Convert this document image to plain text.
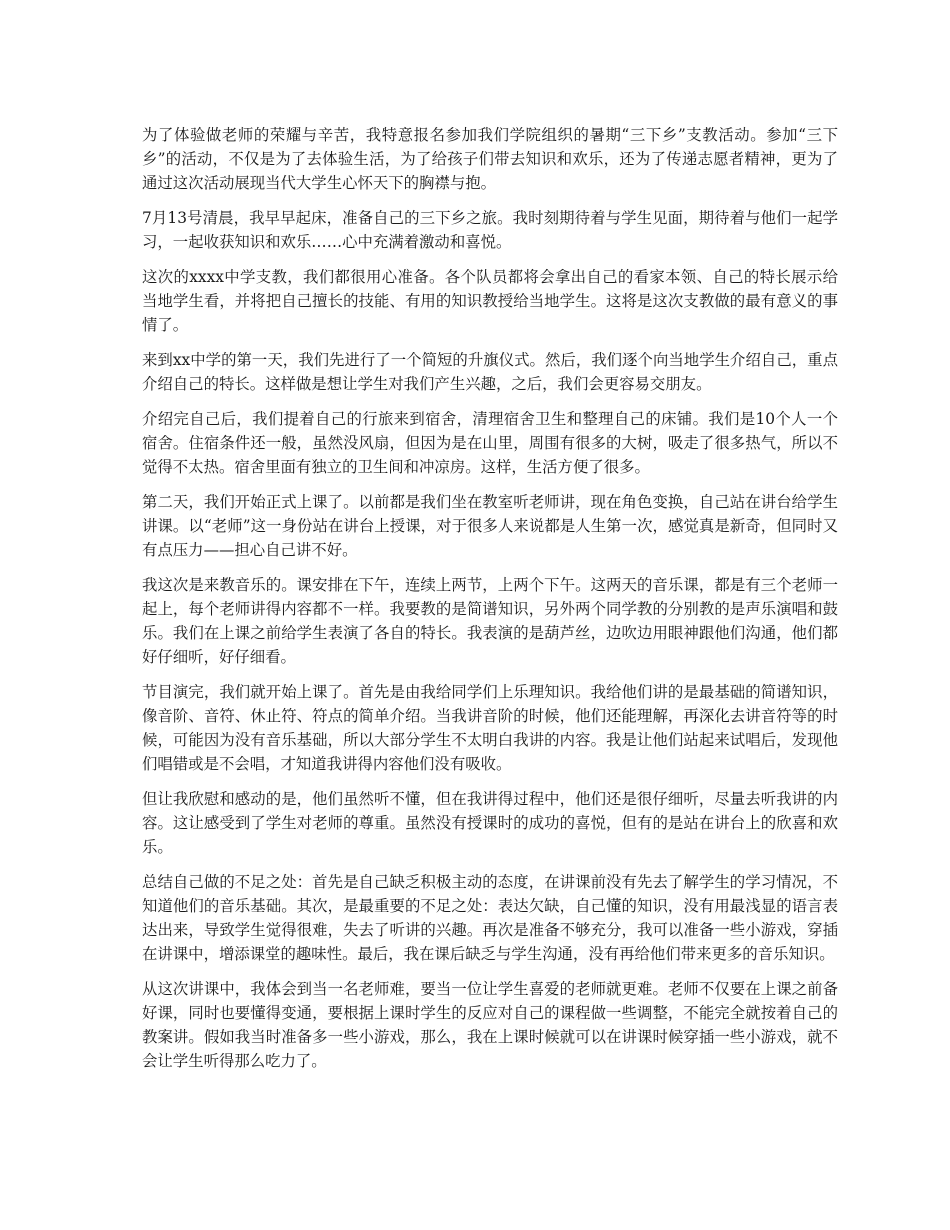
为了体验做老师的荣耀与辛苦，我特意报名参加我们学院组织的暑期“三下乡”支教活动。参加“三下乡”的活动，不仅是为了去体验生活，为了给孩子们带去知识和欢乐，还为了传递志愿者精神，更为了通过这次活动展现当代大学生心怀天下的胸襟与抱。

7月13号清晨，我早早起床，准备自己的三下乡之旅。我时刻期待着与学生见面，期待着与他们一起学习，一起收获知识和欢乐……心中充满着激动和喜悦。

这次的xxxx中学支教，我们都很用心准备。各个队员都将会拿出自己的看家本领、自己的特长展示给当地学生看，并将把自己擅长的技能、有用的知识教授给当地学生。这将是这次支教做的最有意义的事情了。

来到xx中学的第一天，我们先进行了一个简短的升旗仪式。然后，我们逐个向当地学生介绍自己，重点介绍自己的特长。这样做是想让学生对我们产生兴趣，之后，我们会更容易交朋友。

介绍完自己后，我们提着自己的行旅来到宿舍，清理宿舍卫生和整理自己的床铺。我们是10个人一个宿舍。住宿条件还一般，虽然没风扇，但因为是在山里，周围有很多的大树，吸走了很多热气，所以不觉得不太热。宿舍里面有独立的卫生间和冲凉房。这样，生活方便了很多。

第二天，我们开始正式上课了。以前都是我们坐在教室听老师讲，现在角色变换，自己站在讲台给学生讲课。以“老师”这一身份站在讲台上授课，对于很多人来说都是人生第一次，感觉真是新奇，但同时又有点压力——担心自己讲不好。

我这次是来教音乐的。课安排在下午，连续上两节，上两个下午。这两天的音乐课，都是有三个老师一起上，每个老师讲得内容都不一样。我要教的是简谱知识，另外两个同学教的分别教的是声乐演唱和鼓乐。我们在上课之前给学生表演了各自的特长。我表演的是葫芦丝，边吹边用眼神跟他们沟通，他们都好仔细听，好仔细看。

节目演完，我们就开始上课了。首先是由我给同学们上乐理知识。我给他们讲的是最基础的简谱知识，像音阶、音符、休止符、符点的简单介绍。当我讲音阶的时候，他们还能理解，再深化去讲音符等的时候，可能因为没有音乐基础，所以大部分学生不太明白我讲的内容。我是让他们站起来试唱后，发现他们唱错或是不会唱，才知道我讲得内容他们没有吸收。

但让我欣慰和感动的是，他们虽然听不懂，但在我讲得过程中，他们还是很仔细听，尽量去听我讲的内容。这让感受到了学生对老师的尊重。虽然没有授课时的成功的喜悦，但有的是站在讲台上的欣喜和欢乐。

总结自己做的不足之处：首先是自己缺乏积极主动的态度，在讲课前没有先去了解学生的学习情况，不知道他们的音乐基础。其次，是最重要的不足之处：表达欠缺，自己懂的知识，没有用最浅显的语言表达出来，导致学生觉得很难，失去了听讲的兴趣。再次是准备不够充分，我可以准备一些小游戏，穿插在讲课中，增添课堂的趣味性。最后，我在课后缺乏与学生沟通，没有再给他们带来更多的音乐知识。

从这次讲课中，我体会到当一名老师难，要当一位让学生喜爱的老师就更难。老师不仅要在上课之前备好课，同时也要懂得变通，要根据上课时学生的反应对自己的课程做一些调整，不能完全就按着自己的教案讲。假如我当时准备多一些小游戏，那么，我在上课时候就可以在讲课时候穿插一些小游戏，就不会让学生听得那么吃力了。
